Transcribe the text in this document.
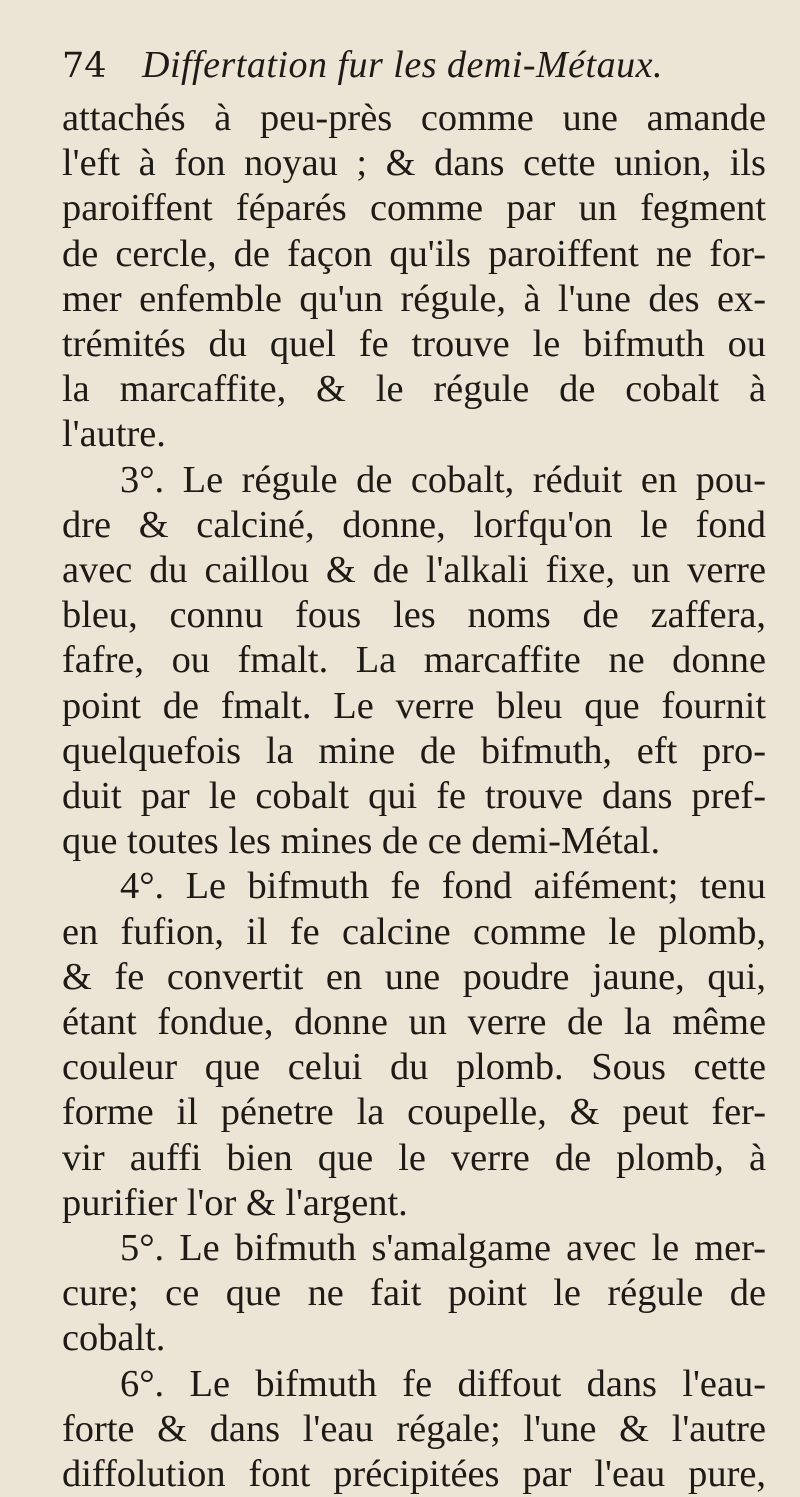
74 Differtation fur les demi-Métaux.
attachés à peu-près comme une amande
l'eft à fon noyau ; & dans cette union, ils
paroiffent féparés comme par un fegment
de cercle, de façon qu'ils paroiffent ne for-
mer enfemble qu'un régule, à l'une des ex-
trémités du quel fe trouve le bifmuth ou
la marcaffite, & le régule de cobalt à
l'autre.
3°. Le régule de cobalt, réduit en pou-
dre & calciné, donne, lorfqu'on le fond
avec du caillou & de l'alkali fixe, un verre
bleu, connu fous les noms de zaffera,
fafre, ou fmalt. La marcaffite ne donne
point de fmalt. Le verre bleu que fournit
quelquefois la mine de bifmuth, eft pro-
duit par le cobalt qui fe trouve dans pref-
que toutes les mines de ce demi-Métal.
4°. Le bifmuth fe fond aifément; tenu
en fufion, il fe calcine comme le plomb,
& fe convertit en une poudre jaune, qui,
étant fondue, donne un verre de la même
couleur que celui du plomb. Sous cette
forme il pénetre la coupelle, & peut fer-
vir auffi bien que le verre de plomb, à
purifier l'or & l'argent.
5°. Le bifmuth s'amalgame avec le mer-
cure; ce que ne fait point le régule de
cobalt.
6°. Le bifmuth fe diffout dans l'eau-
forte & dans l'eau régale; l'une & l'autre
diffolution font précipitées par l'eau pure,
